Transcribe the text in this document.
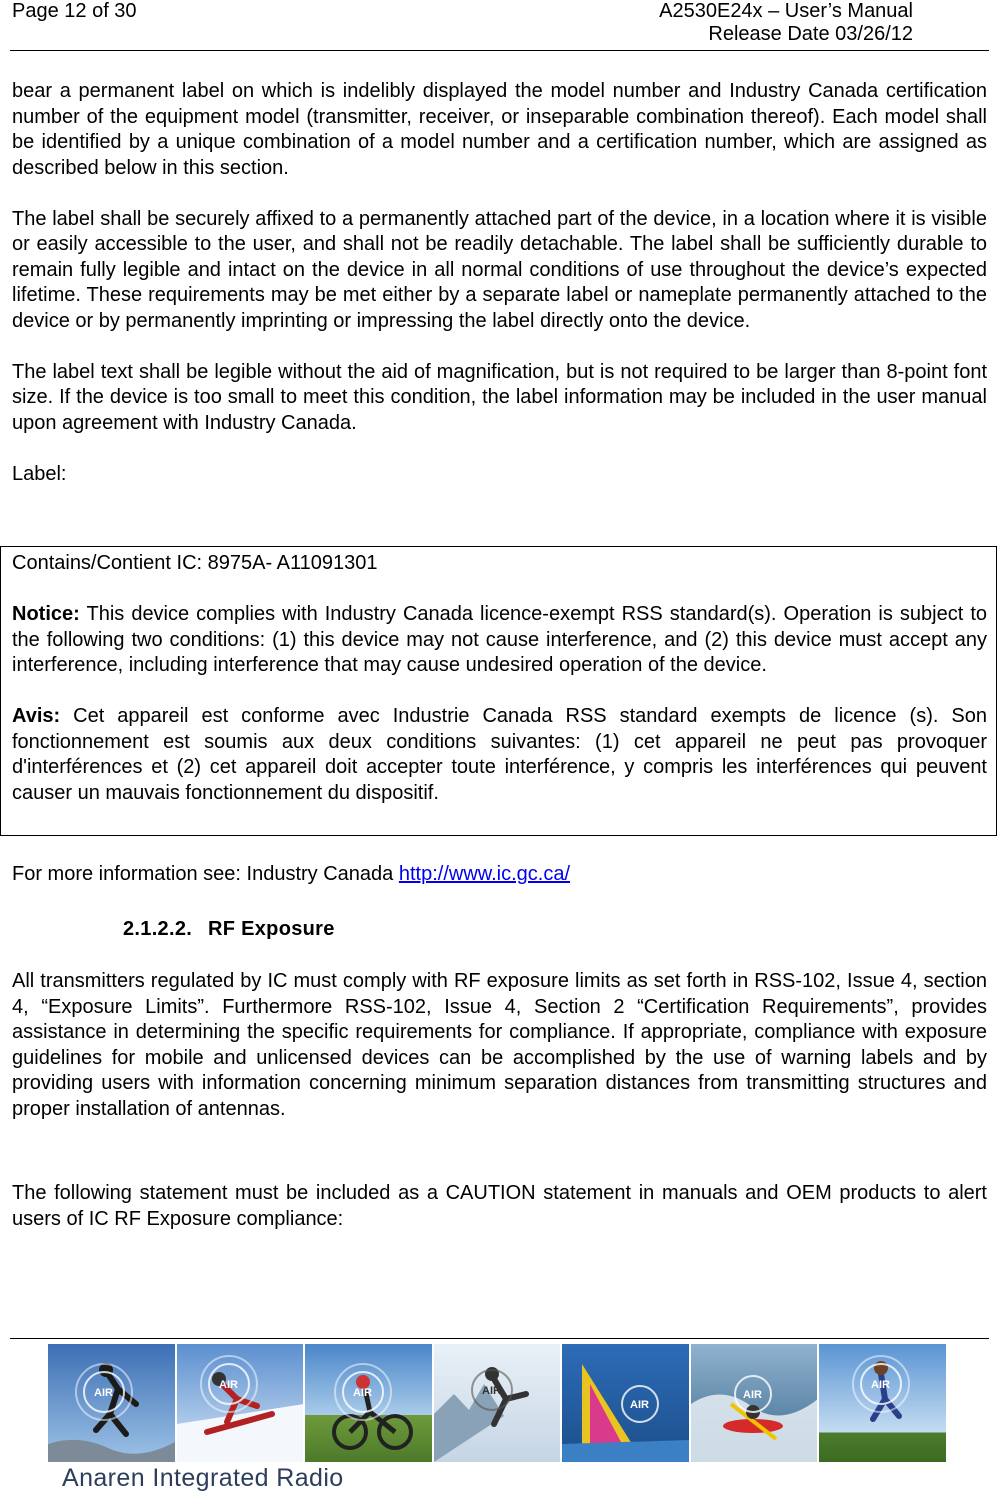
Page 12 of 30	A2530E24x – User’s Manual
Release Date 03/26/12

bear a permanent label on which is indelibly displayed the model number and Industry Canada certification number of the equipment model (transmitter, receiver, or inseparable combination thereof). Each model shall be identified by a unique combination of a model number and a certification number, which are assigned as described below in this section.

The label shall be securely affixed to a permanently attached part of the device, in a location where it is visible or easily accessible to the user, and shall not be readily detachable. The label shall be sufficiently durable to remain fully legible and intact on the device in all normal conditions of use throughout the device’s expected lifetime. These requirements may be met either by a separate label or nameplate permanently attached to the device or by permanently imprinting or impressing the label directly onto the device.

The label text shall be legible without the aid of magnification, but is not required to be larger than 8-point font size. If the device is too small to meet this condition, the label information may be included in the user manual upon agreement with Industry Canada.

Label:

Contains/Contient IC: 8975A- A11091301

Notice: This device complies with Industry Canada licence-exempt RSS standard(s). Operation is subject to the following two conditions: (1) this device may not cause interference, and (2) this device must accept any interference, including interference that may cause undesired operation of the device.

Avis: Cet appareil est conforme avec Industrie Canada RSS standard exempts de licence (s). Son fonctionnement est soumis aux deux conditions suivantes: (1) cet appareil ne peut pas provoquer d'interférences et (2) cet appareil doit accepter toute interférence, y compris les interférences qui peuvent causer un mauvais fonctionnement du dispositif.

For more information see: Industry Canada http://www.ic.gc.ca/
2.1.2.2. RF Exposure

All transmitters regulated by IC must comply with RF exposure limits as set forth in RSS-102, Issue 4, section 4, “Exposure Limits”. Furthermore RSS-102, Issue 4, Section 2 “Certification Requirements”, provides assistance in determining the specific requirements for compliance. If appropriate, compliance with exposure guidelines for mobile and unlicensed devices can be accomplished by the use of warning labels and by providing users with information concerning minimum separation distances from transmitting structures and proper installation of antennas.

The following statement must be included as a CAUTION statement in manuals and OEM products to alert users of IC RF Exposure compliance:

AIR
AIR
AIR	AIR
AIR
AIR
AIR
Anaren Integrated Radio
